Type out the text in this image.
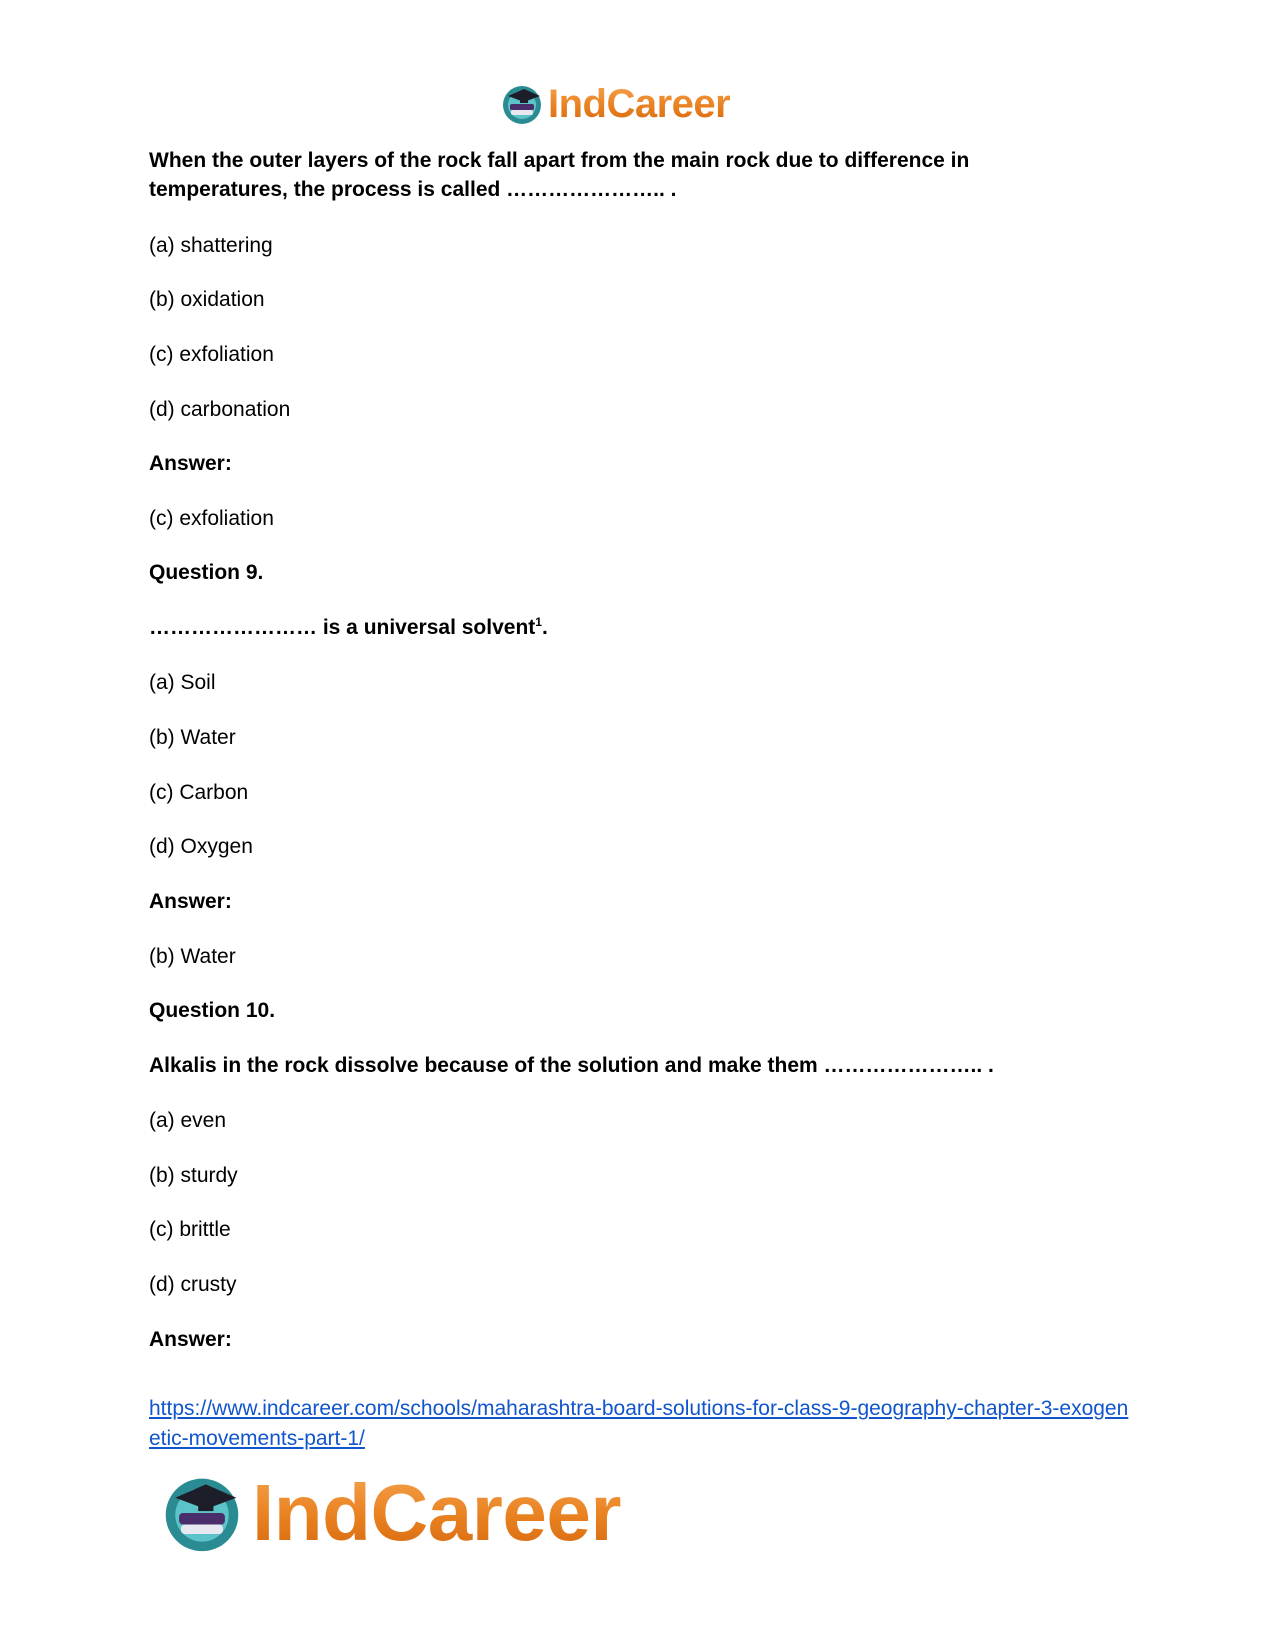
IndCareer
When the outer layers of the rock fall apart from the main rock due to difference in
temperatures, the process is called ………………….. .
(a) shattering
(b) oxidation
(c) exfoliation
(d) carbonation
Answer:
(c) exfoliation
Question 9.
…………………… is a universal solvent$^1$.
(a) Soil
(b) Water
(c) Carbon
(d) Oxygen
Answer:
(b) Water
Question 10.
Alkalis in the rock dissolve because of the solution and make them ………………….. .
(a) even
(b) sturdy
(c) brittle
(d) crusty
Answer:
https://www.indcareer.com/schools/maharashtra-board-solutions-for-class-9-geography-chapter-3-exogenetic-movements-part-1/
IndCareer
